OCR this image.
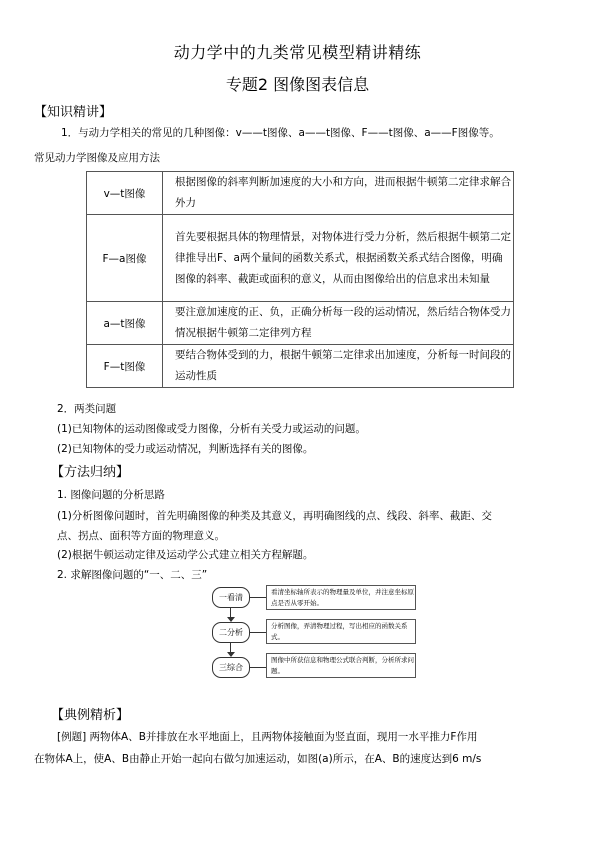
动力学中的九类常见模型精讲精练
专题2 图像图表信息
【知识精讲】
1．与动力学相关的常见的几种图像：v——t图像、a——t图像、F——t图像、a——F图像等。
常见动力学图像及应用方法
v—t图像	根据图像的斜率判断加速度的大小和方向，进而根据牛顿第二定律求解合外力
F—a图像	首先要根据具体的物理情景，对物体进行受力分析，然后根据牛顿第二定律推导出F、a两个量间的函数关系式，根据函数关系式结合图像，明确图像的斜率、截距或面积的意义，从而由图像给出的信息求出未知量
a—t图像	要注意加速度的正、负，正确分析每一段的运动情况，然后结合物体受力情况根据牛顿第二定律列方程
F—t图像	要结合物体受到的力，根据牛顿第二定律求出加速度，分析每一时间段的运动性质
2．两类问题
(1)已知物体的运动图像或受力图像，分析有关受力或运动的问题。
(2)已知物体的受力或运动情况，判断选择有关的图像。
【方法归纳】
1. 图像问题的分析思路
(1)分析图像问题时，首先明确图像的种类及其意义，再明确图线的点、线段、斜率、截距、交
点、拐点、面积等方面的物理意义。
(2)根据牛顿运动定律及运动学公式建立相关方程解题。
2. 求解图像问题的“一、二、三”
一看清
看清坐标轴所表示的物理量及单位，并注意坐标原点是否从零开始。
二分析
分析图像，弄清物理过程，写出相应的函数关系式。
三综合
图像中所获信息和物理公式联合判断，分析所求问题。
【典例精析】
[例题] 两物体A、B并排放在水平地面上，且两物体接触面为竖直面，现用一水平推力F作用
在物体A上，使A、B由静止开始一起向右做匀加速运动，如图(a)所示，在A、B的速度达到6 m/s
